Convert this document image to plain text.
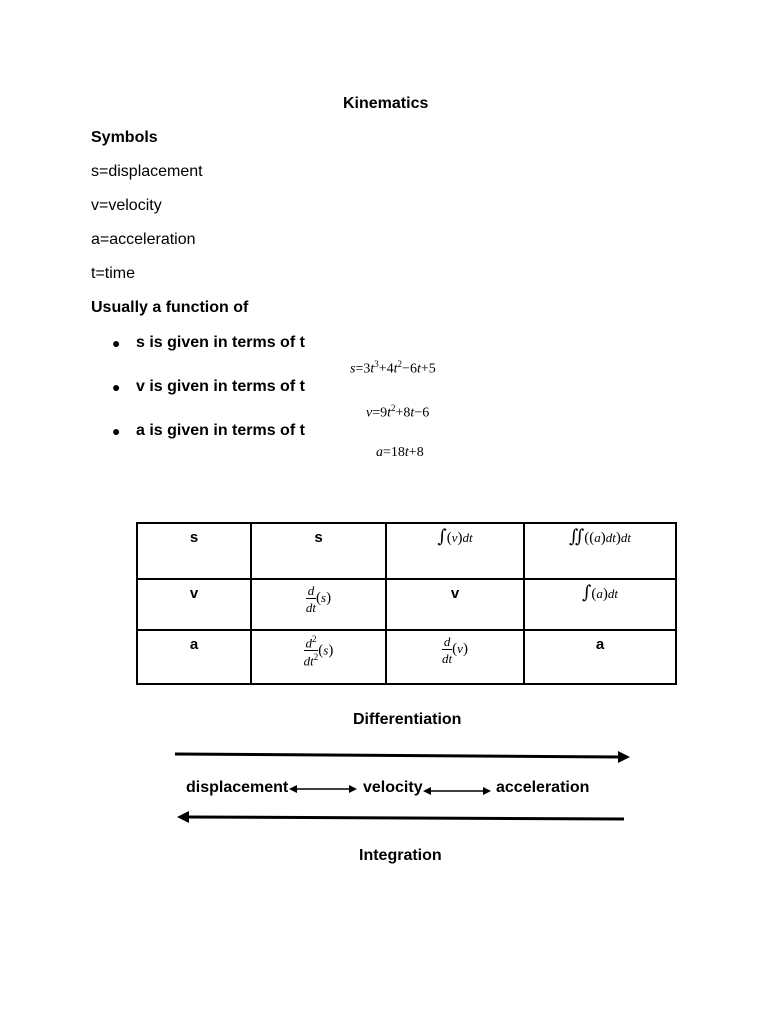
Kinematics
Symbols
s=displacement
v=velocity
a=acceleration
t=time
Usually a function of
● s is given in terms of t
● v is given in terms of t
● a is given in terms of t
$s=3t^3+4t^2-6t+5$
$v=9t^2+8t-6$
a=18t+8
s	s	∫(v)dt	∬((a)dt)dt

v	$\frac{d}{dt} (s)$	v	∫(a)dt

a	$\frac{d^2}{dt^2} (s)$	$\frac{d}{dt} (v)$	a
Differentiation
displacement	velocity	acceleration
Integration
